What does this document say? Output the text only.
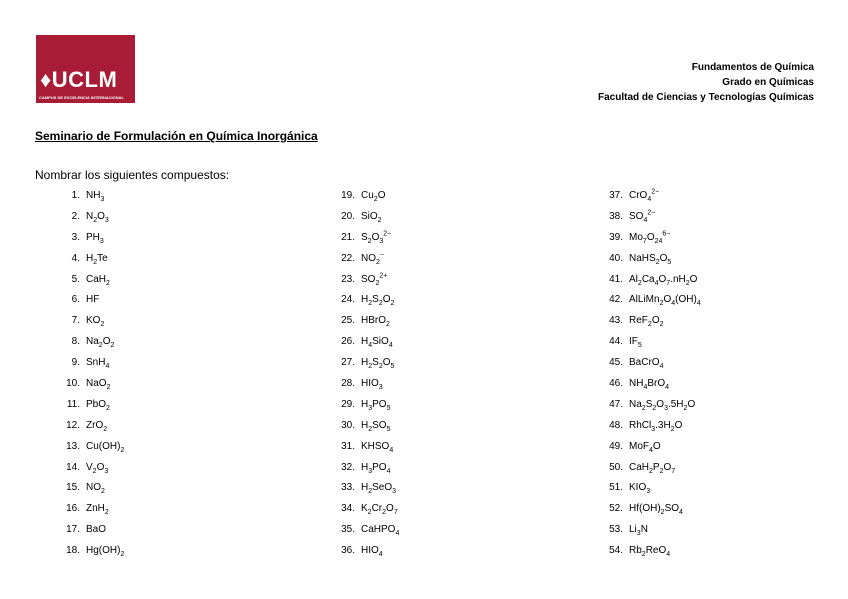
♦UCLM
CAMPUS DE EXCELENCIA INTERNACIONAL
Fundamentos de Química
Grado en Químicas
Facultad de Ciencias y Tecnologías Químicas
Seminario de Formulación en Química Inorgánica
Nombrar los siguientes compuestos:
1. $NH_3$
2. $N_2O_3$
3. $PH_3$
4. $H_2Te$
5. CaH$_2$
6. HF
7. $KO_2$
8. $Na_2O_2$
9. SnH$_4$
10. NaO$_2$
11. PbO$_2$
12. ZrO$_2$
13. $Cu(OH)_2$
14. $V_2O_3$
15. $NO_2$
16. ZnH$_2$
17. BaO
18. $Hg(OH)_2$
19. $Cu_2O$
20. SiO$_2$
21. $S_2O_3^{2-}$
22. $NO_2^-$
23. $SO_2^{2+}$
24. $H_2S_2O_2$
25. HBrO$_2$
26. $H_4SiO_4$
27. $H_2S_2O_5$
28. $HIO_3$
29. $H_3PO_5$
30. $H_2SO_5$
31. $KHSO_4$
32. $H_3PO_4$
33. $H_2SeO_3$
34. $K_2Cr_2O_7$
35. CaHPO$_4$
36. $HIO_4$
37. CrO$_4^{2-}$
38. $SO_4^{2-}$
39. $Mo_7O_{24}^{6-}$
40. $NaHS_2O_5$
41. $Al_2Ca_4O_7.nH_2O$
42. $AlLiMn_2O_4(OH)_4$
43. $ReF_2O_2$
44. $IF_5$
45. BaCrO$_4$
46. $NH_4BrO_4$
47. $Na_2S_2O_3.5H_2O$
48. $RhCl_3.3H_2O$
49. MoF$_4$O
50. $CaH_2P_2O_7$
51. $KIO_3$
52. $Hf(OH)_2SO_4$
53. $Li_3N$
54. $Rb_2ReO_4$
